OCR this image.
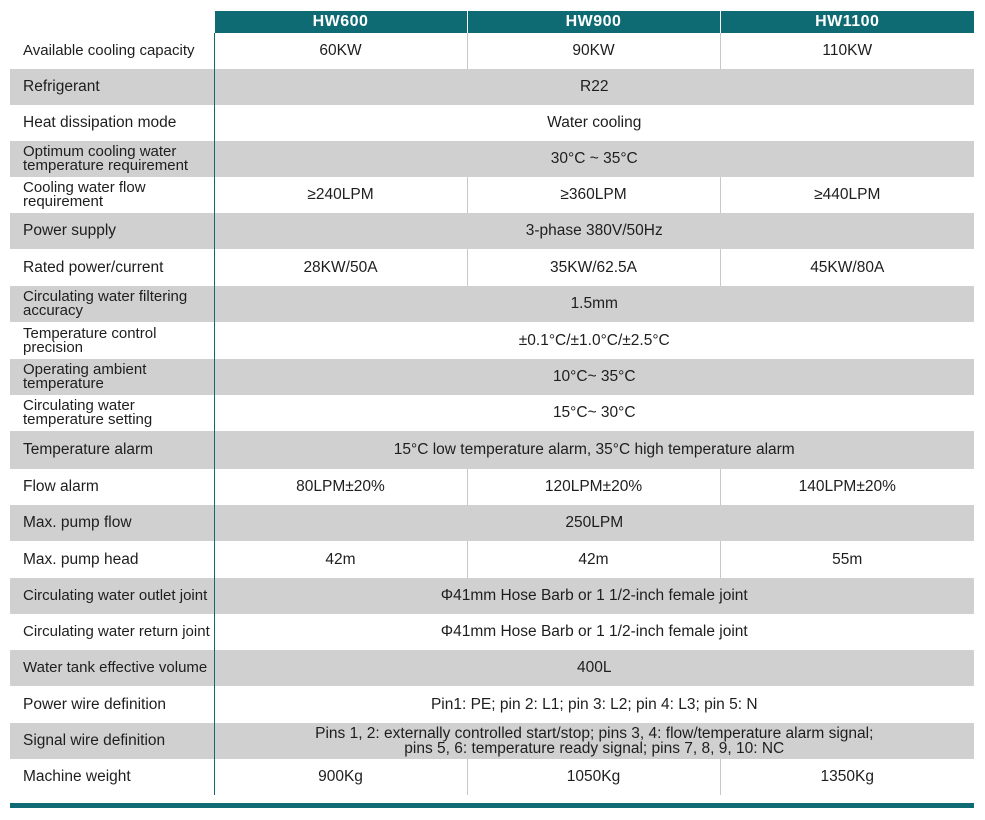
	HW600	HW900	HW1100
Available cooling capacity	60KW	90KW	110KW
Refrigerant	R22		
Heat dissipation mode	Water cooling		
Optimum cooling water temperature requirement	30°C ~ 35°C		
Cooling water flow requirement	≥240LPM	≥360LPM	≥440LPM
Power supply	3-phase 380V/50Hz		
Rated power/current	28KW/50A	35KW/62.5A	45KW/80A
Circulating water filtering accuracy	1.5mm		
Temperature control precision	±0.1°C/±1.0°C/±2.5°C		
Operating ambient temperature	10°C~ 35°C		
Circulating water temperature setting	15°C~ 30°C		
Temperature alarm	15°C low temperature alarm, 35°C high temperature alarm		
Flow alarm	80LPM±20%	120LPM±20%	140LPM±20%
Max. pump flow	250LPM		
Max. pump head	42m	42m	55m
Circulating water outlet joint	Φ41mm Hose Barb or 1 1/2-inch female joint		
Circulating water return joint	Φ41mm Hose Barb or 1 1/2-inch female joint		
Water tank effective volume	400L		
Power wire definition	Pin1: PE; pin 2: L1; pin 3: L2; pin 4: L3; pin 5: N		
Signal wire definition	Pins 1, 2: externally controlled start/stop; pins 3, 4: flow/temperature alarm signal;
pins 5, 6: temperature ready signal; pins 7, 8, 9, 10: NC		
Machine weight	900Kg	1050Kg	1350Kg
